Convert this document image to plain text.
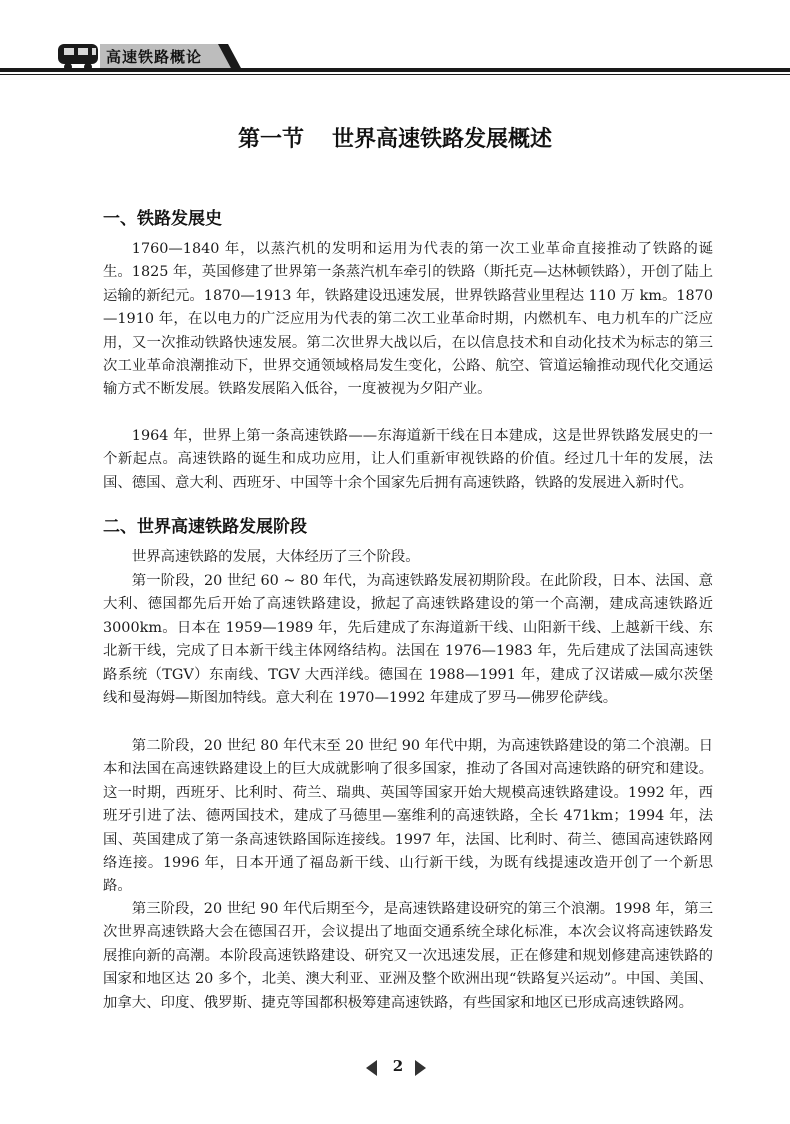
高速铁路概论
第一节 世界高速铁路发展概述
一、铁路发展史

1760—1840 年，以蒸汽机的发明和运用为代表的第一次工业革命直接推动了铁路的诞生。1825 年，英国修建了世界第一条蒸汽机车牵引的铁路（斯托克—达林顿铁路），开创了陆上运输的新纪元。1870—1913 年，铁路建设迅速发展，世界铁路营业里程达 110 万 km。1870—1910 年，在以电力的广泛应用为代表的第二次工业革命时期，内燃机车、电力机车的广泛应用，又一次推动铁路快速发展。第二次世界大战以后，在以信息技术和自动化技术为标志的第三次工业革命浪潮推动下，世界交通领域格局发生变化，公路、航空、管道运输推动现代化交通运输方式不断发展。铁路发展陷入低谷，一度被视为夕阳产业。

1964 年，世界上第一条高速铁路——东海道新干线在日本建成，这是世界铁路发展史的一个新起点。高速铁路的诞生和成功应用，让人们重新审视铁路的价值。经过几十年的发展，法国、德国、意大利、西班牙、中国等十余个国家先后拥有高速铁路，铁路的发展进入新时代。

二、世界高速铁路发展阶段

世界高速铁路的发展，大体经历了三个阶段。

第一阶段，20 世纪 60 ~ 80 年代，为高速铁路发展初期阶段。在此阶段，日本、法国、意大利、德国都先后开始了高速铁路建设，掀起了高速铁路建设的第一个高潮，建成高速铁路近 3000km。日本在 1959—1989 年，先后建成了东海道新干线、山阳新干线、上越新干线、东北新干线，完成了日本新干线主体网络结构。法国在 1976—1983 年，先后建成了法国高速铁路系统（TGV）东南线、TGV 大西洋线。德国在 1988—1991 年，建成了汉诺威—威尔茨堡线和曼海姆—斯图加特线。意大利在 1970—1992 年建成了罗马—佛罗伦萨线。

第二阶段，20 世纪 80 年代末至 20 世纪 90 年代中期，为高速铁路建设的第二个浪潮。日本和法国在高速铁路建设上的巨大成就影响了很多国家，推动了各国对高速铁路的研究和建设。这一时期，西班牙、比利时、荷兰、瑞典、英国等国家开始大规模高速铁路建设。1992 年，西班牙引进了法、德两国技术，建成了马德里—塞维利的高速铁路，全长 471km；1994 年，法国、英国建成了第一条高速铁路国际连接线。1997 年，法国、比利时、荷兰、德国高速铁路网络连接。1996 年，日本开通了福岛新干线、山行新干线，为既有线提速改造开创了一个新思路。

第三阶段，20 世纪 90 年代后期至今，是高速铁路建设研究的第三个浪潮。1998 年，第三次世界高速铁路大会在德国召开，会议提出了地面交通系统全球化标准，本次会议将高速铁路发展推向新的高潮。本阶段高速铁路建设、研究又一次迅速发展，正在修建和规划修建高速铁路的国家和地区达 20 多个，北美、澳大利亚、亚洲及整个欧洲出现“铁路复兴运动”。中国、美国、加拿大、印度、俄罗斯、捷克等国都积极筹建高速铁路，有些国家和地区已形成高速铁路网。

2
